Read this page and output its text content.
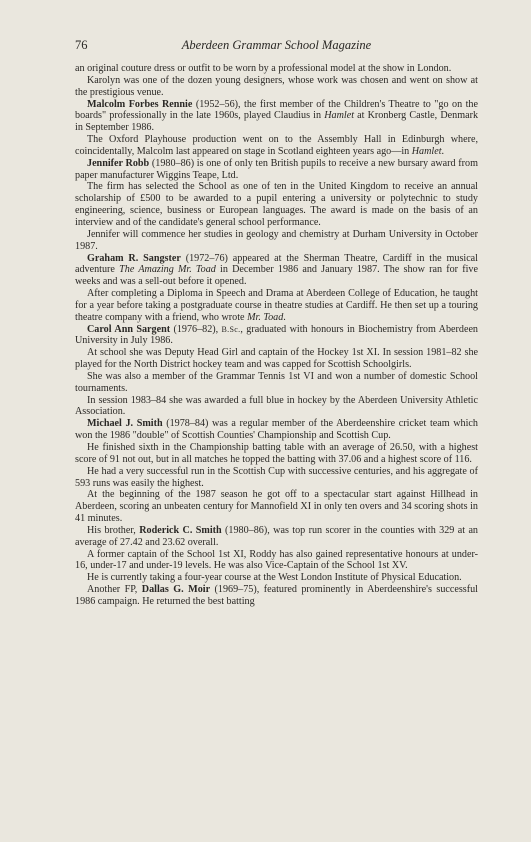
76	Aberdeen Grammar School Magazine

an original couture dress or outfit to be worn by a professional model at the show in London.

Karolyn was one of the dozen young designers, whose work was chosen and went on show at the prestigious venue.

Malcolm Forbes Rennie (1952–56), the first member of the Children's Theatre to "go on the boards" professionally in the late 1960s, played Claudius in Hamlet at Kronberg Castle, Denmark in September 1986.

The Oxford Playhouse production went on to the Assembly Hall in Edinburgh where, coincidentally, Malcolm last appeared on stage in Scotland eighteen years ago—in Hamlet.

Jennifer Robb (1980–86) is one of only ten British pupils to receive a new bursary award from paper manufacturer Wiggins Teape, Ltd.

The firm has selected the School as one of ten in the United Kingdom to receive an annual scholarship of £500 to be awarded to a pupil entering a university or polytechnic to study engineering, science, business or European languages. The award is made on the basis of an interview and of the candidate's general school performance.

Jennifer will commence her studies in geology and chemistry at Durham University in October 1987.

Graham R. Sangster (1972–76) appeared at the Sherman Theatre, Cardiff in the musical adventure The Amazing Mr. Toad in December 1986 and January 1987. The show ran for five weeks and was a sell-out before it opened.

After completing a Diploma in Speech and Drama at Aberdeen College of Education, he taught for a year before taking a postgraduate course in theatre studies at Cardiff. He then set up a touring theatre company with a friend, who wrote Mr. Toad.

Carol Ann Sargent (1976–82), B.Sc., graduated with honours in Biochemistry from Aberdeen University in July 1986.

At school she was Deputy Head Girl and captain of the Hockey 1st XI. In session 1981–82 she played for the North District hockey team and was capped for Scottish Schoolgirls.

She was also a member of the Grammar Tennis 1st VI and won a number of domestic School tournaments.

In session 1983–84 she was awarded a full blue in hockey by the Aberdeen University Athletic Association.

Michael J. Smith (1978–84) was a regular member of the Aberdeenshire cricket team which won the 1986 "double" of Scottish Counties' Championship and Scottish Cup.

He finished sixth in the Championship batting table with an average of 26.50, with a highest score of 91 not out, but in all matches he topped the batting with 37.06 and a highest score of 116.

He had a very successful run in the Scottish Cup with successive centuries, and his aggregate of 593 runs was easily the highest.

At the beginning of the 1987 season he got off to a spectacular start against Hillhead in Aberdeen, scoring an unbeaten century for Mannofield XI in only ten overs and 34 scoring shots in 41 minutes.

His brother, Roderick C. Smith (1980–86), was top run scorer in the counties with 329 at an average of 27.42 and 23.62 overall.

A former captain of the School 1st XI, Roddy has also gained representative honours at under-16, under-17 and under-19 levels. He was also Vice-Captain of the School 1st XV.

He is currently taking a four-year course at the West London Institute of Physical Education.

Another FP, Dallas G. Moir (1969–75), featured prominently in Aberdeenshire's successful 1986 campaign. He returned the best batting
